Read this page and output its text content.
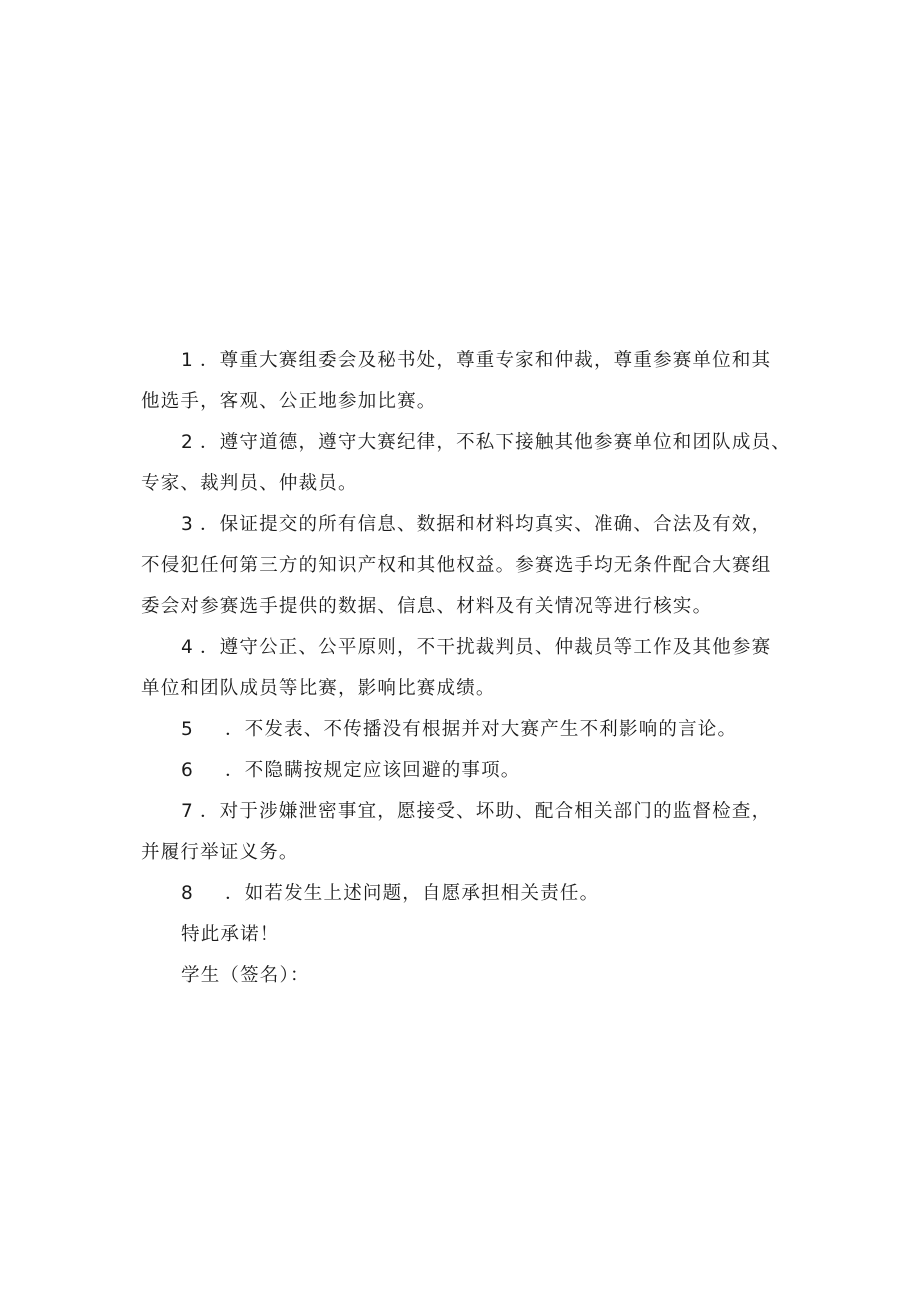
1 ．尊重大赛组委会及秘书处，尊重专家和仲裁，尊重参赛单位和其
他选手，客观、公正地参加比赛。
2 ．遵守道德，遵守大赛纪律，不私下接触其他参赛单位和团队成员、
专家、裁判员、仲裁员。
3 ．保证提交的所有信息、数据和材料均真实、准确、合法及有效，
不侵犯任何第三方的知识产权和其他权益。参赛选手均无条件配合大赛组
委会对参赛选手提供的数据、信息、材料及有关情况等进行核实。
4 ．遵守公正、公平原则，不干扰裁判员、仲裁员等工作及其他参赛
单位和团队成员等比赛，影响比赛成绩。
5 ．不发表、不传播没有根据并对大赛产生不利影响的言论。
6 ．不隐瞒按规定应该回避的事项。
7 ．对于涉嫌泄密事宜，愿接受、坏助、配合相关部门的监督检查，
并履行举证义务。
8 ．如若发生上述问题，自愿承担相关责任。
特此承诺！
学生（签名）：
